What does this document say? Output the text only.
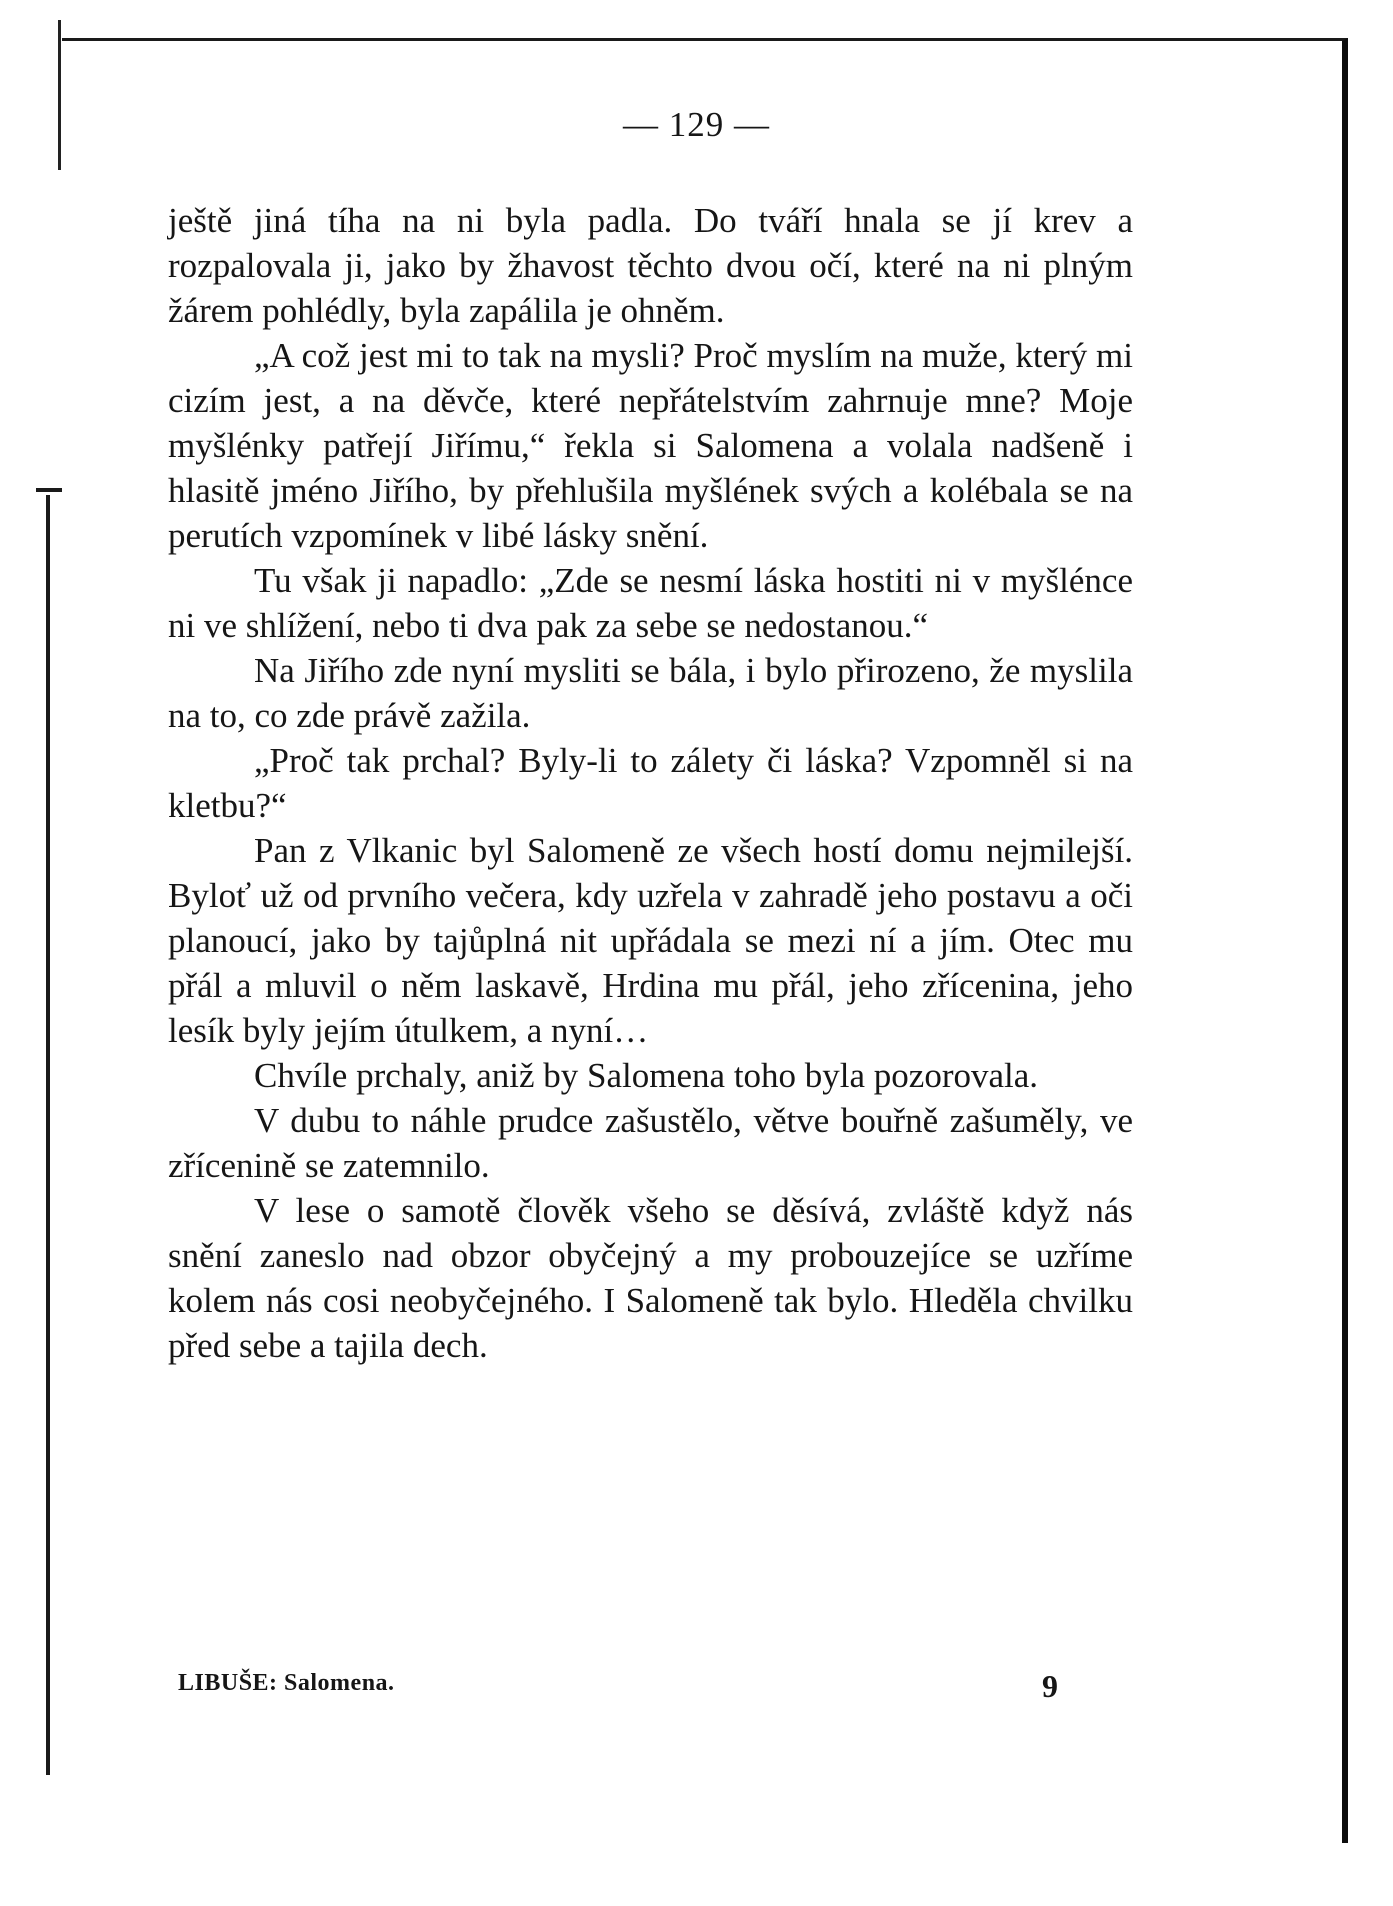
— 129 —

ještě jiná tíha na ni byla padla. Do tváří hnala se jí krev a rozpalovala ji, jako by žhavost těchto dvou očí, které na ni plným žárem pohlédly, byla zapálila je ohněm.

„A což jest mi to tak na mysli? Proč myslím na muže, který mi cizím jest, a na děvče, které nepřátelstvím zahrnuje mne? Moje myšlénky patřejí Jiřímu,“ řekla si Salomena a volala nadšeně i hlasitě jméno Jiřího, by přehlušila myšlének svých a kolébala se na perutích vzpomínek v libé lásky snění.

Tu však ji napadlo: „Zde se nesmí láska hostiti ni v myšlénce ni ve shlížení, nebo ti dva pak za sebe se nedostanou.“

Na Jiřího zde nyní mysliti se bála, i bylo přirozeno, že myslila na to, co zde právě zažila.

„Proč tak prchal? Byly-li to zálety či láska? Vzpomněl si na kletbu?“

Pan z Vlkanic byl Salomeně ze všech hostí domu nejmilejší. Byloť už od prvního večera, kdy uzřela v zahradě jeho postavu a oči planoucí, jako by tajůplná nit upřádala se mezi ní a jím. Otec mu přál a mluvil o něm laskavě, Hrdina mu přál, jeho zřícenina, jeho lesík byly jejím útulkem, a nyní…

Chvíle prchaly, aniž by Salomena toho byla pozorovala.

V dubu to náhle prudce zašustělo, větve bouřně zašuměly, ve zřícenině se zatemnilo.

V lese o samotě člověk všeho se děsívá, zvláště když nás snění zaneslo nad obzor obyčejný a my probouzejíce se uzříme kolem nás cosi neobyčejného. I Salomeně tak bylo. Hleděla chvilku před sebe a tajila dech.

LIBUŠE: Salomena.	9
